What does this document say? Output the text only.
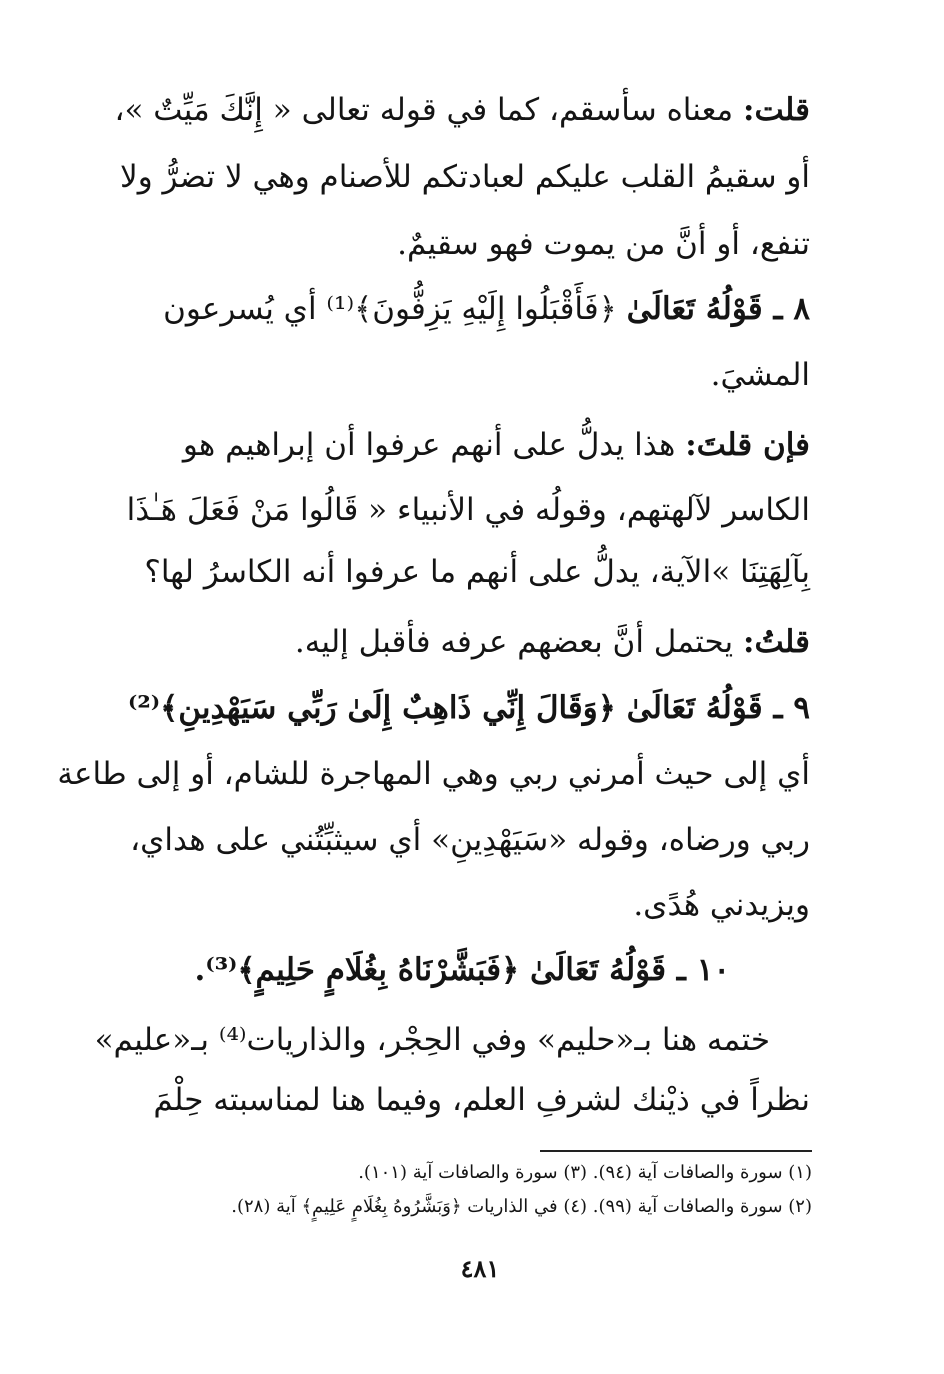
قلت: معناه سأسقم، كما في قوله تعالى « إِنَّكَ مَيِّتٌ »،
أو سقيمُ القلب عليكم لعبادتكم للأصنام وهي لا تضرُّ ولا
تنفع، أو أنَّ من يموت فهو سقيمٌ.
٨ ـ قَوْلُهُ تَعَالَىٰ ﴿فَأَقْبَلُوا إِلَيْهِ يَزِفُّونَ﴾⁽¹⁾ أي يُسرعون
المشيَ.
فإن قلتَ: هذا يدلُّ على أنهم عرفوا أن إبراهيم هو
الكاسر لآلهتهم، وقولُه في الأنبياء « قَالُوا مَنْ فَعَلَ هَـٰذَا
بِآلِهَتِنَا »الآية، يدلُّ على أنهم ما عرفوا أنه الكاسرُ لها؟
قلتُ: يحتمل أنَّ بعضهم عرفه فأقبل إليه.
٩ ـ قَوْلُهُ تَعَالَىٰ ﴿وَقَالَ إِنِّي ذَاهِبٌ إِلَىٰ رَبِّي سَيَهْدِينِ﴾⁽²⁾
أي إلى حيث أمرني ربي وهي المهاجرة للشام، أو إلى طاعة
ربي ورضاه، وقوله «سَيَهْدِينِ» أي سيثبِّتُني على هداي،
ويزيدني هُدًى.
١٠ ـ قَوْلُهُ تَعَالَىٰ ﴿فَبَشَّرْنَاهُ بِغُلَامٍ حَلِيمٍ﴾⁽³⁾.
ختمه هنا بـ«حليم» وفي الحِجْر، والذاريات⁽⁴⁾ بـ«عليم»
نظراً في ذيْنك لشرفِ العلم، وفيما هنا لمناسبته حِلْمَ
(١) سورة والصافات آية (٩٤). (٣) سورة والصافات آية (١٠١).
(٢) سورة والصافات آية (٩٩). (٤) في الذاريات ﴿وَبَشَّرُوهُ بِغُلَامٍ عَلِيمٍ﴾ آية (٢٨).
٤٨١
